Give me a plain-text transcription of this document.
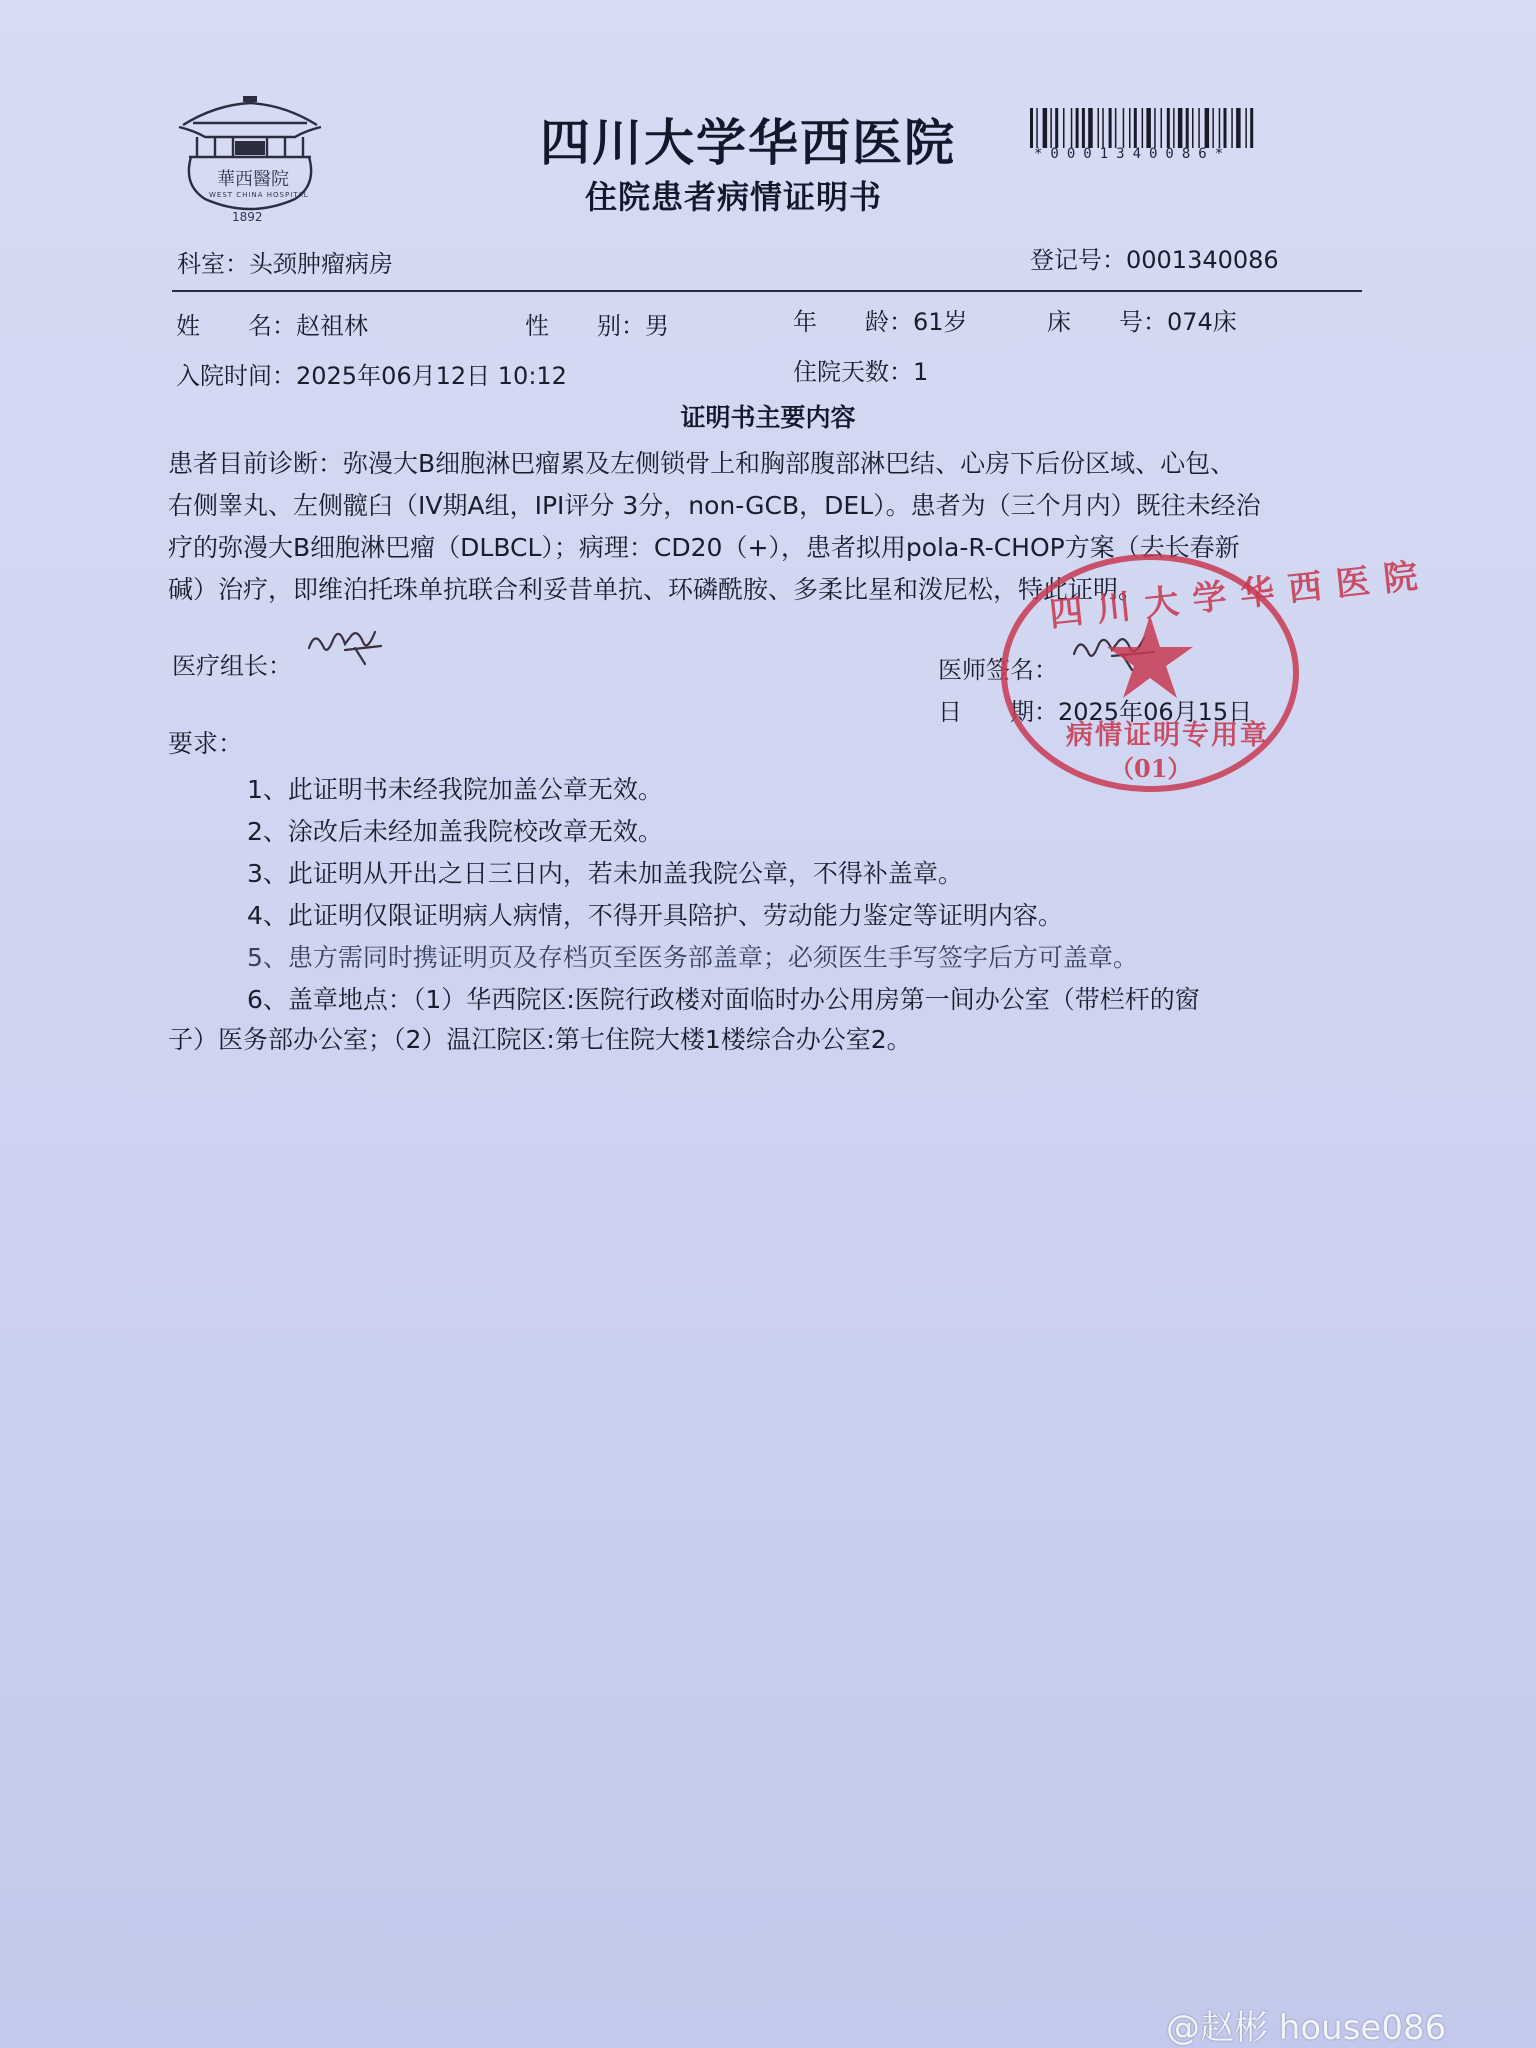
華西醫院
WEST CHINA HOSPITAL
1892
四川大学华西医院
住院患者病情证明书
*0001340086*
科室：头颈肿瘤病房	登记号：0001340086
姓　　名：赵祖林	性　　别：男	年　　龄：61岁	床　　号：074床
入院时间：2025年06月12日 10:12	住院天数：1
证明书主要内容
患者目前诊断：弥漫大B细胞淋巴瘤累及左侧锁骨上和胸部腹部淋巴结、心房下后份区域、心包、
右侧睾丸、左侧髋臼（IV期A组，IPI评分 3分，non-GCB，DEL）。患者为（三个月内）既往未经治
疗的弥漫大B细胞淋巴瘤（DLBCL）；病理：CD20（+），患者拟用pola-R-CHOP方案（去长春新
碱）治疗，即维泊托珠单抗联合利妥昔单抗、环磷酰胺、多柔比星和泼尼松，特此证明。
医疗组长：	医师签名：
日　　期：2025年06月15日
四川大学华西医院
病情证明专用章
（01）
要求：
1、此证明书未经我院加盖公章无效。
2、涂改后未经加盖我院校改章无效。
3、此证明从开出之日三日内，若未加盖我院公章，不得补盖章。
4、此证明仅限证明病人病情，不得开具陪护、劳动能力鉴定等证明内容。
5、患方需同时携证明页及存档页至医务部盖章；必须医生手写签字后方可盖章。
6、盖章地点：（1）华西院区:医院行政楼对面临时办公用房第一间办公室（带栏杆的窗
子）医务部办公室；（2）温江院区:第七住院大楼1楼综合办公室2。
@赵彬 house086
